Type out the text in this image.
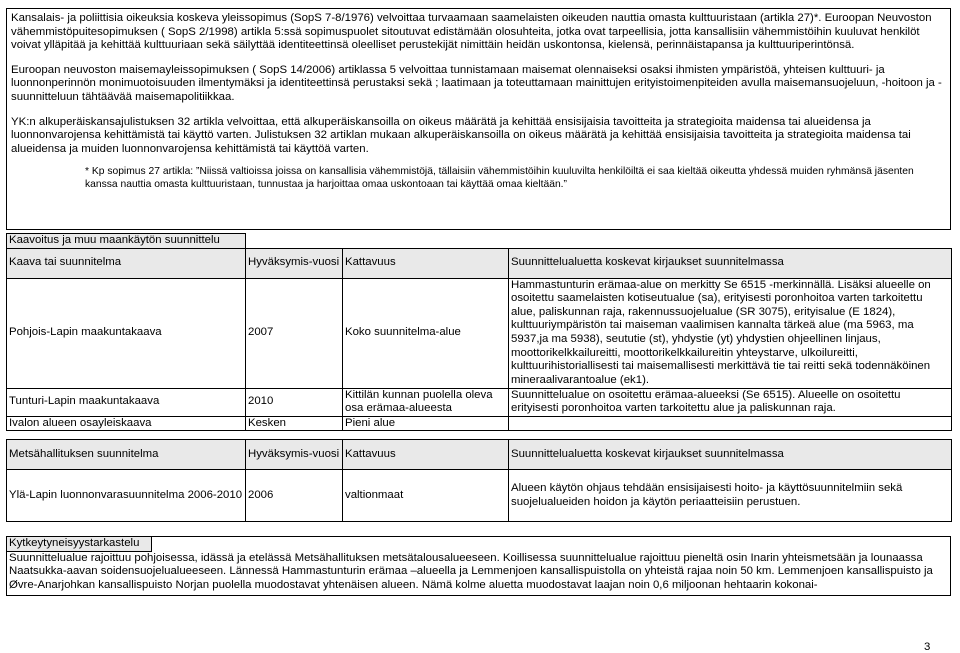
Kansalais- ja poliittisia oikeuksia koskeva yleissopimus (SopS 7-8/1976) velvoittaa turvaamaan saamelaisten oikeuden nauttia omasta kulttuuristaan (artikla 27)*. Euroopan Neuvoston vähemmistöpuitesopimuksen ( SopS 2/1998) artikla 5:ssä sopimuspuolet sitoutuvat edistämään olosuhteita, jotka ovat tarpeellisia, jotta kansallisiin vähemmistöihin kuuluvat henkilöt voivat ylläpitää ja kehittää kulttuuriaan sekä säilyttää identiteettinsä oleelliset perustekijät nimittäin heidän uskontonsa, kielensä, perinnäistapansa ja kulttuuriperintönsä.

Euroopan neuvoston maisemayleissopimuksen ( SopS 14/2006) artiklassa 5 velvoittaa tunnistamaan maisemat olennaiseksi osaksi ihmisten ympäristöä, yhteisen kulttuuri- ja luonnonperinnön monimuotoisuuden ilmentymäksi ja identiteettinsä perustaksi sekä ; laatimaan ja toteuttamaan mainittujen erityistoimenpiteiden avulla maisemansuojeluun, -hoitoon ja -suunnitteluun tähtäävää maisemapolitiikkaa.

YK:n alkuperäiskansajulistuksen 32 artikla velvoittaa, että alkuperäiskansoilla on oikeus määrätä ja kehittää ensisijaisia tavoitteita ja strategioita maidensa tai alueidensa ja luonnonvarojensa kehittämistä tai käyttö varten. Julistuksen 32 artiklan mukaan alkuperäiskansoilla on oikeus määrätä ja kehittää ensisijaisia tavoitteita ja strategioita maidensa tai alueidensa ja muiden luonnonvarojensa kehittämistä tai käyttöä varten.

* Kp sopimus 27 artikla: ”Niissä valtioissa joissa on kansallisia vähemmistöjä, tällaisiin vähemmistöihin kuuluvilta henkilöiltä ei saa kieltää oikeutta yhdessä muiden ryhmänsä jäsenten kanssa nauttia omasta kulttuuristaan, tunnustaa ja harjoittaa omaa uskontoaan tai käyttää omaa kieltään.”

Kaavoitus ja muu maankäytön suunnittelu			
Kaava tai suunnitelma	Hyväksymis-vuosi	Kattavuus	Suunnittelualuetta koskevat kirjaukset suunnitelmassa
Pohjois-Lapin maakuntakaava	2007	Koko suunnitelma-alue	Hammastunturin erämaa-alue on merkitty Se 6515 -merkinnällä. Lisäksi alueelle on osoitettu saamelaisten kotiseutualue (sa), erityisesti poronhoitoa varten tarkoitettu alue, paliskunnan raja, rakennussuojelualue (SR 3075), erityisalue (E 1824), kulttuuriympäristön tai maiseman vaalimisen kannalta tärkeä alue (ma 5963, ma 5937,ja ma 5938), seututie (st), yhdystie (yt) yhdystien ohjeellinen linjaus, moottorikelkkailureitti, moottorikelkkailureitin yhteystarve, ulkoilureitti, kulttuurihistoriallisesti tai maisemallisesti merkittävä tie tai reitti sekä todennäköinen mineraalivarantoalue (ek1).
Tunturi-Lapin maakuntakaava	2010	Kittilän kunnan puolella oleva osa erämaa-alueesta	Suunnittelualue on osoitettu erämaa-alueeksi (Se 6515). Alueelle on osoitettu erityisesti poronhoitoa varten tarkoitettu alue ja paliskunnan raja.
Ivalon alueen osayleiskaava	Kesken	Pieni alue	
Metsähallituksen suunnitelma	Hyväksymis-vuosi	Kattavuus	Suunnittelualuetta koskevat kirjaukset suunnitelmassa
Ylä-Lapin luonnonvarasuunnitelma 2006-2010	2006	valtionmaat	Alueen käytön ohjaus tehdään ensisijaisesti hoito- ja käyttösuunnitelmiin sekä suojelualueiden hoidon ja käytön periaatteisiin perustuen.
Kytkeytyneisyystarkastelu

Suunnittelualue rajoittuu pohjoisessa, idässä ja etelässä Metsähallituksen metsätalousalueeseen. Koillisessa suunnittelualue rajoittuu pieneltä osin Inarin yhteismetsään ja lounaassa Naatsukka-aavan soidensuojelualueeseen. Lännessä Hammastunturin erämaa –alueella ja Lemmenjoen kansallispuistolla on yhteistä rajaa noin 50 km. Lemmenjoen kansallispuisto ja Øvre-Anarjohkan kansallispuisto Norjan puolella muodostavat yhtenäisen alueen. Nämä kolme aluetta muodostavat laajan noin 0,6 miljoonan hehtaarin kokonai-

3
